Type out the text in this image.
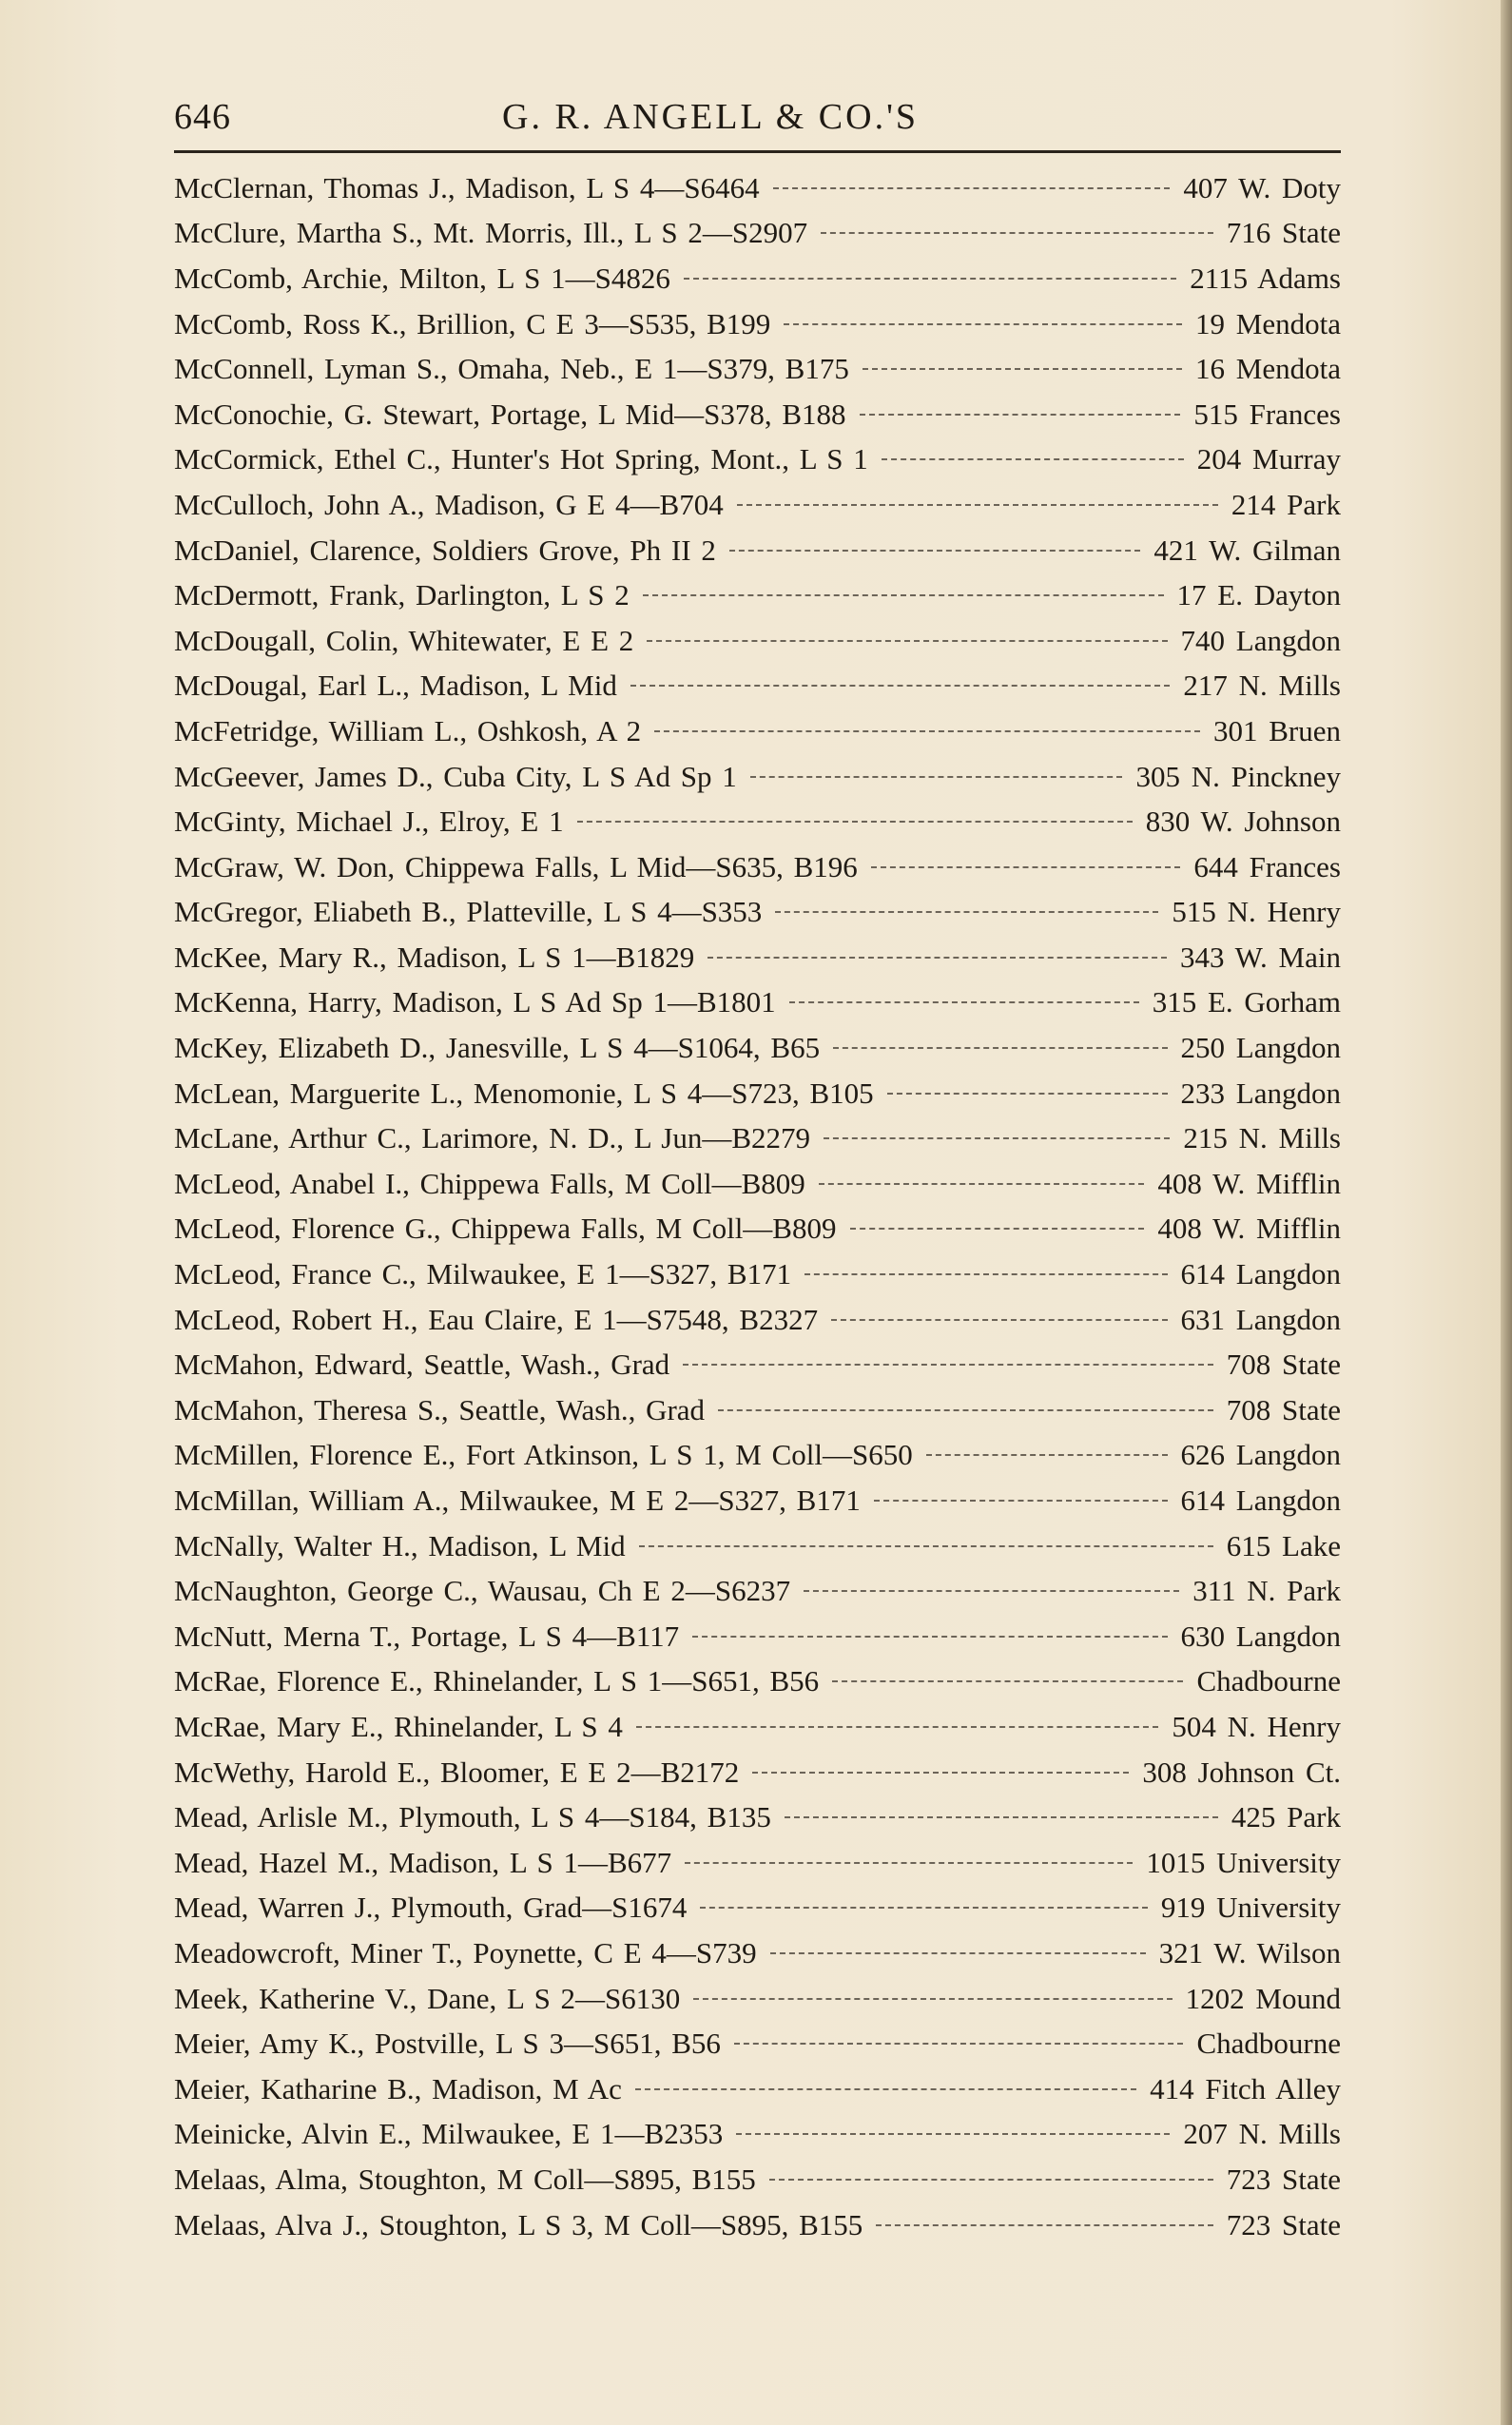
646	G. R. ANGELL & CO.'S
McClernan, Thomas J., Madison, L S 4—S6464	407 W. Doty
McClure, Martha S., Mt. Morris, Ill., L S 2—S2907	716 State
McComb, Archie, Milton, L S 1—S4826	2115 Adams
McComb, Ross K., Brillion, C E 3—S535, B199	19 Mendota
McConnell, Lyman S., Omaha, Neb., E 1—S379, B175	16 Mendota
McConochie, G. Stewart, Portage, L Mid—S378, B188	515 Frances
McCormick, Ethel C., Hunter's Hot Spring, Mont., L S 1	204 Murray
McCulloch, John A., Madison, G E 4—B704	214 Park
McDaniel, Clarence, Soldiers Grove, Ph II 2	421 W. Gilman
McDermott, Frank, Darlington, L S 2	17 E. Dayton
McDougall, Colin, Whitewater, E E 2	740 Langdon
McDougal, Earl L., Madison, L Mid	217 N. Mills
McFetridge, William L., Oshkosh, A 2	301 Bruen
McGeever, James D., Cuba City, L S Ad Sp 1	305 N. Pinckney
McGinty, Michael J., Elroy, E 1	830 W. Johnson
McGraw, W. Don, Chippewa Falls, L Mid—S635, B196	644 Frances
McGregor, Eliabeth B., Platteville, L S 4—S353	515 N. Henry
McKee, Mary R., Madison, L S 1—B1829	343 W. Main
McKenna, Harry, Madison, L S Ad Sp 1—B1801	315 E. Gorham
McKey, Elizabeth D., Janesville, L S 4—S1064, B65	250 Langdon
McLean, Marguerite L., Menomonie, L S 4—S723, B105	233 Langdon
McLane, Arthur C., Larimore, N. D., L Jun—B2279	215 N. Mills
McLeod, Anabel I., Chippewa Falls, M Coll—B809	408 W. Mifflin
McLeod, Florence G., Chippewa Falls, M Coll—B809	408 W. Mifflin
McLeod, France C., Milwaukee, E 1—S327, B171	614 Langdon
McLeod, Robert H., Eau Claire, E 1—S7548, B2327	631 Langdon
McMahon, Edward, Seattle, Wash., Grad	708 State
McMahon, Theresa S., Seattle, Wash., Grad	708 State
McMillen, Florence E., Fort Atkinson, L S 1, M Coll—S650	626 Langdon
McMillan, William A., Milwaukee, M E 2—S327, B171	614 Langdon
McNally, Walter H., Madison, L Mid	615 Lake
McNaughton, George C., Wausau, Ch E 2—S6237	311 N. Park
McNutt, Merna T., Portage, L S 4—B117	630 Langdon
McRae, Florence E., Rhinelander, L S 1—S651, B56	Chadbourne
McRae, Mary E., Rhinelander, L S 4	504 N. Henry
McWethy, Harold E., Bloomer, E E 2—B2172	308 Johnson Ct.
Mead, Arlisle M., Plymouth, L S 4—S184, B135	425 Park
Mead, Hazel M., Madison, L S 1—B677	1015 University
Mead, Warren J., Plymouth, Grad—S1674	919 University
Meadowcroft, Miner T., Poynette, C E 4—S739	321 W. Wilson
Meek, Katherine V., Dane, L S 2—S6130	1202 Mound
Meier, Amy K., Postville, L S 3—S651, B56	Chadbourne
Meier, Katharine B., Madison, M Ac	414 Fitch Alley
Meinicke, Alvin E., Milwaukee, E 1—B2353	207 N. Mills
Melaas, Alma, Stoughton, M Coll—S895, B155	723 State
Melaas, Alva J., Stoughton, L S 3, M Coll—S895, B155	723 State
